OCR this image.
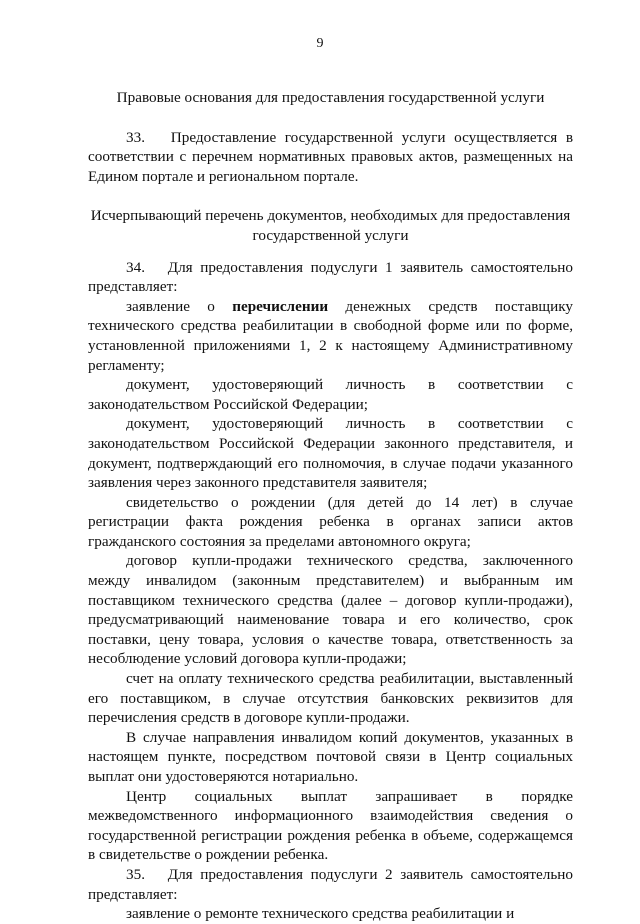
9

Правовые основания для предоставления государственной услуги

33.   Предоставление государственной услуги осуществляется в соответствии с перечнем нормативных правовых актов, размещенных на Едином портале и региональном портале.

Исчерпывающий перечень документов, необходимых для предоставления
государственной услуги

34.   Для предоставления подуслуги 1 заявитель самостоятельно представляет:

заявление о перечислении денежных средств поставщику технического средства реабилитации в свободной форме или по форме, установленной приложениями 1, 2 к настоящему Административному регламенту;

документ, удостоверяющий личность в соответствии с законодательством Российской Федерации;

документ, удостоверяющий личность в соответствии с законодательством Российской Федерации законного представителя, и документ, подтверждающий его полномочия, в случае подачи указанного заявления через законного представителя заявителя;

свидетельство о рождении (для детей до 14 лет) в случае регистрации факта рождения ребенка в органах записи актов гражданского состояния за пределами автономного округа;

договор купли-продажи технического средства, заключенного между инвалидом (законным представителем) и выбранным им поставщиком технического средства (далее – договор купли-продажи), предусматривающий наименование товара и его количество, срок поставки, цену товара, условия о качестве товара, ответственность за несоблюдение условий договора купли-продажи;

счет на оплату технического средства реабилитации, выставленный его поставщиком, в случае отсутствия банковских реквизитов для перечисления средств в договоре купли-продажи.

В случае направления инвалидом копий документов, указанных в настоящем пункте, посредством почтовой связи в Центр социальных выплат они удостоверяются нотариально.

Центр социальных выплат запрашивает в порядке межведомственного информационного взаимодействия сведения о государственной регистрации рождения ребенка в объеме, содержащемся в свидетельстве о рождении ребенка.

35.   Для предоставления подуслуги 2 заявитель самостоятельно представляет:

заявление о ремонте технического средства реабилитации и
